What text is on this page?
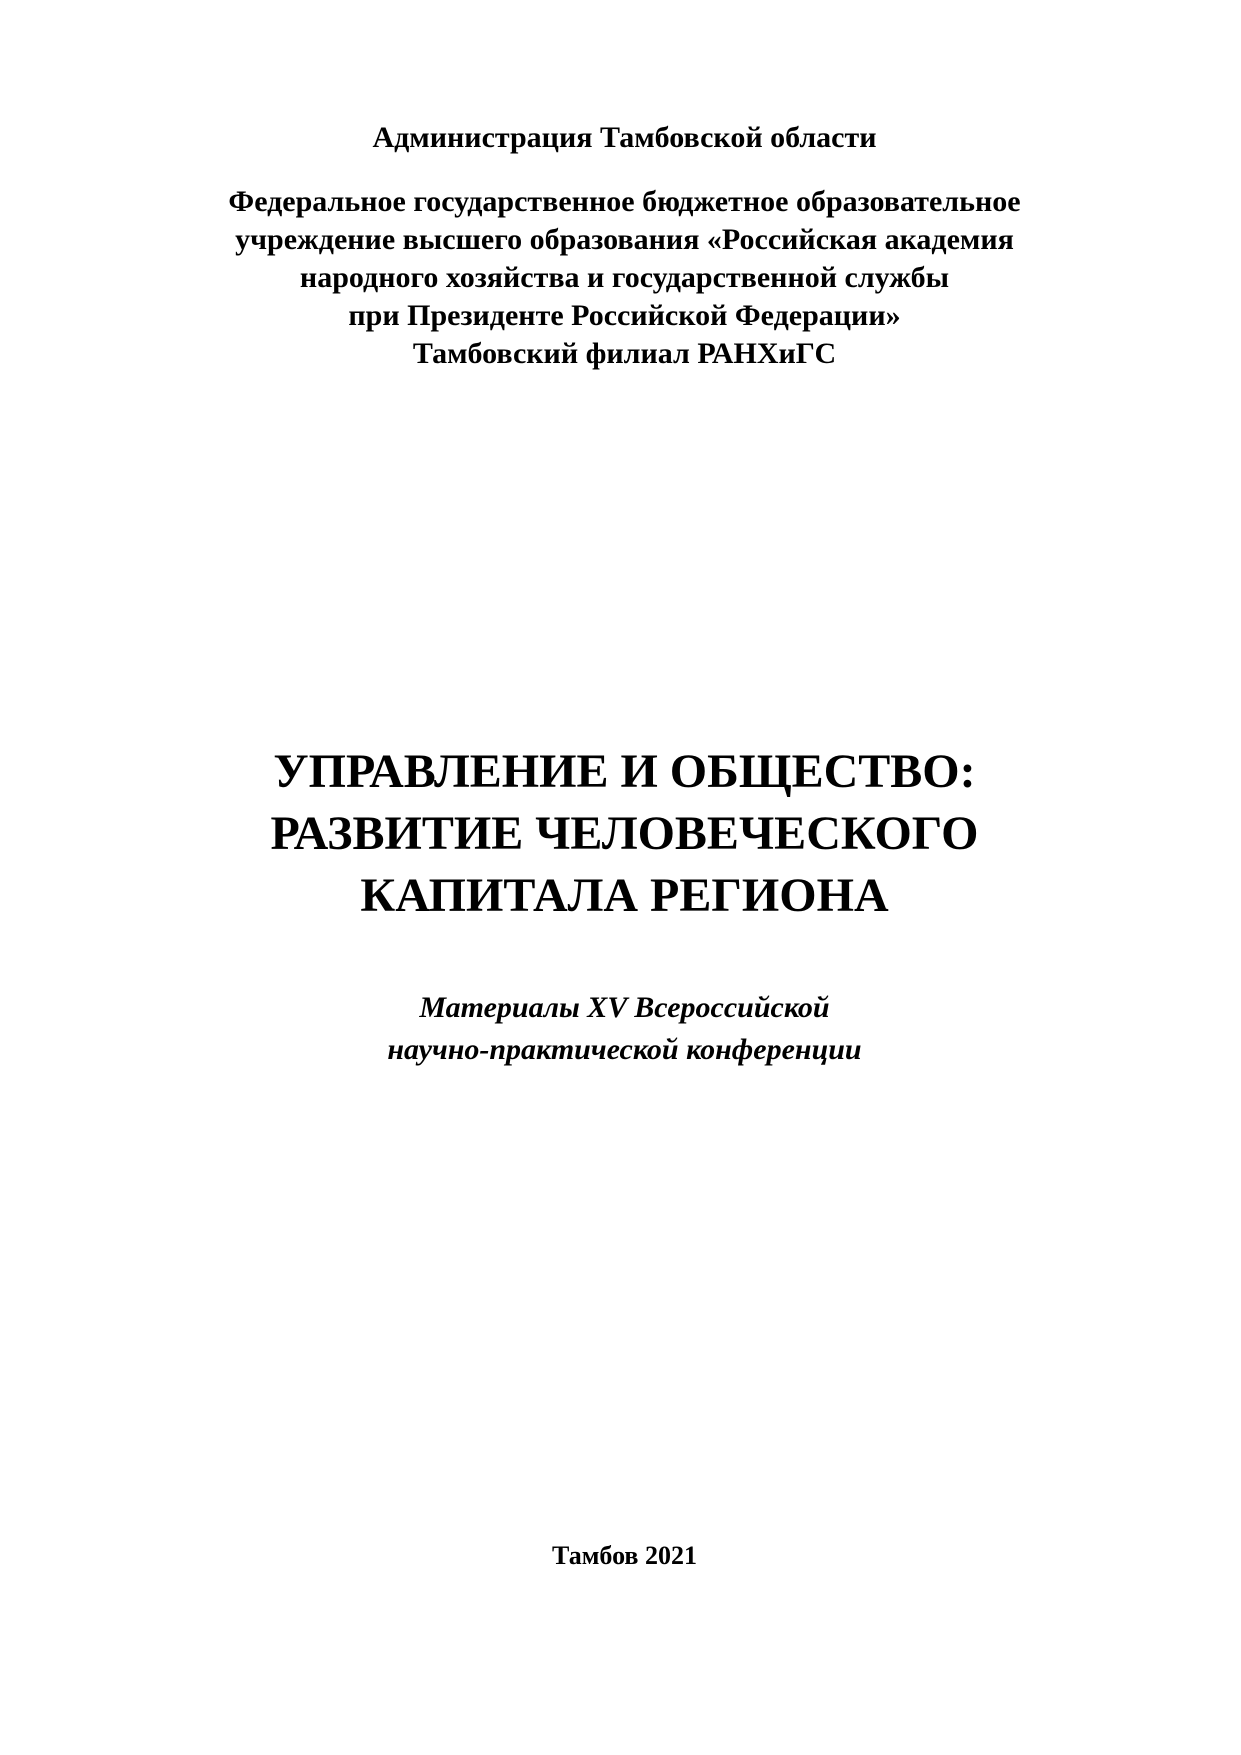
Администрация Тамбовской области
Федеральное государственное бюджетное образовательное
учреждение высшего образования «Российская академия
народного хозяйства и государственной службы
при Президенте Российской Федерации»
Тамбовский филиал РАНХиГС
УПРАВЛЕНИЕ И ОБЩЕСТВО:
РАЗВИТИЕ ЧЕЛОВЕЧЕСКОГО
КАПИТАЛА РЕГИОНА
Материалы XV Всероссийской
научно-практической конференции
Тамбов 2021
